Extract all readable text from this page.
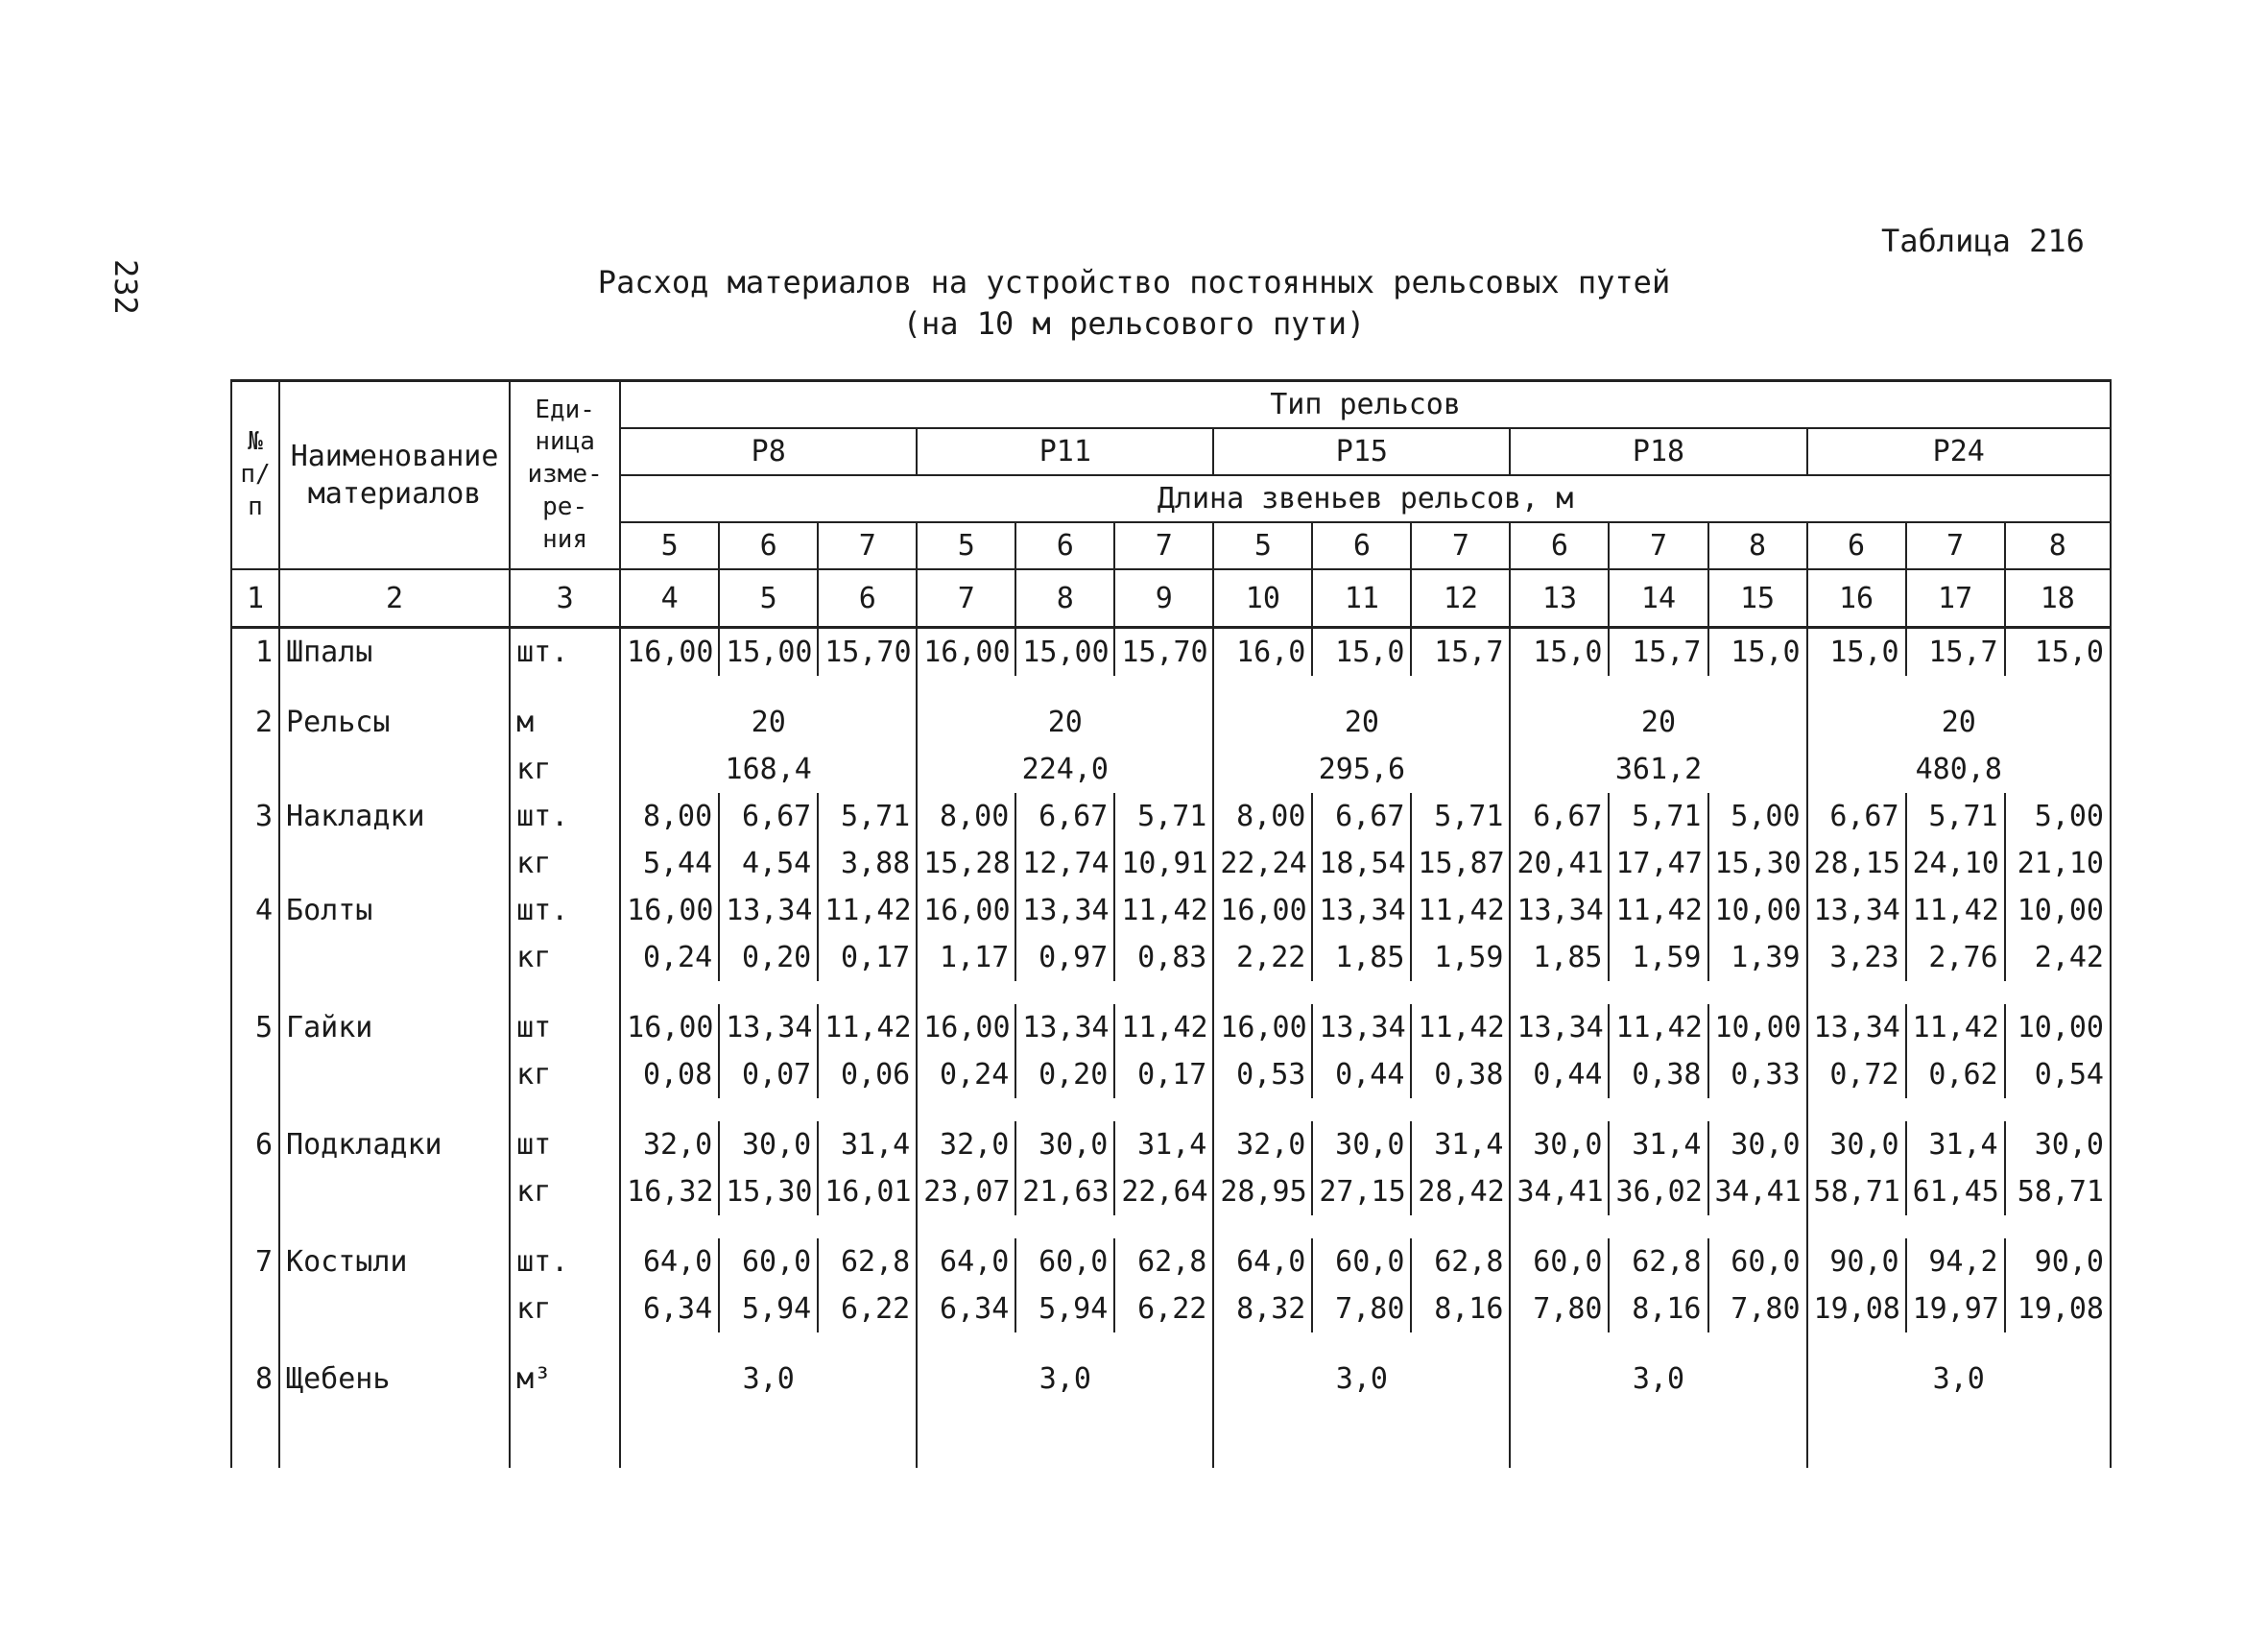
232
Таблица 216
Расход материалов на устройство постоянных рельсовых путей
(на 10 м рельсового пути)
№ п/п	Наименование материалов	Еди- ница изме- ре- ния	Тип рельсов														
			Р8			Р11			Р15			Р18			Р24		
			Длина звеньев рельсов, м														
			5	6	7	5	6	7	5	6	7	6	7	8	6	7	8
1	2	3	4	5	6	7	8	9	10	11	12	13	14	15	16	17	18
1	Шпалы	шт.	16,00	15,00	15,70	16,00	15,00	15,70	16,0	15,0	15,7	15,0	15,7	15,0	15,0	15,7	15,0

2	Рельсы	м	20			20			20			20			20		
		кг	168,4			224,0			295,6			361,2			480,8		
3	Накладки	шт.	8,00	6,67	5,71	8,00	6,67	5,71	8,00	6,67	5,71	6,67	5,71	5,00	6,67	5,71	5,00
		кг	5,44	4,54	3,88	15,28	12,74	10,91	22,24	18,54	15,87	20,41	17,47	15,30	28,15	24,10	21,10
4	Болты	шт.	16,00	13,34	11,42	16,00	13,34	11,42	16,00	13,34	11,42	13,34	11,42	10,00	13,34	11,42	10,00
		кг	0,24	0,20	0,17	1,17	0,97	0,83	2,22	1,85	1,59	1,85	1,59	1,39	3,23	2,76	2,42

5	Гайки	шт	16,00	13,34	11,42	16,00	13,34	11,42	16,00	13,34	11,42	13,34	11,42	10,00	13,34	11,42	10,00
		кг	0,08	0,07	0,06	0,24	0,20	0,17	0,53	0,44	0,38	0,44	0,38	0,33	0,72	0,62	0,54

6	Подкладки	шт	32,0	30,0	31,4	32,0	30,0	31,4	32,0	30,0	31,4	30,0	31,4	30,0	30,0	31,4	30,0
		кг	16,32	15,30	16,01	23,07	21,63	22,64	28,95	27,15	28,42	34,41	36,02	34,41	58,71	61,45	58,71

7	Костыли	шт.	64,0	60,0	62,8	64,0	60,0	62,8	64,0	60,0	62,8	60,0	62,8	60,0	90,0	94,2	90,0
		кг	6,34	5,94	6,22	6,34	5,94	6,22	8,32	7,80	8,16	7,80	8,16	7,80	19,08	19,97	19,08

8	Щебень	м³	3,0			3,0			3,0			3,0			3,0		
